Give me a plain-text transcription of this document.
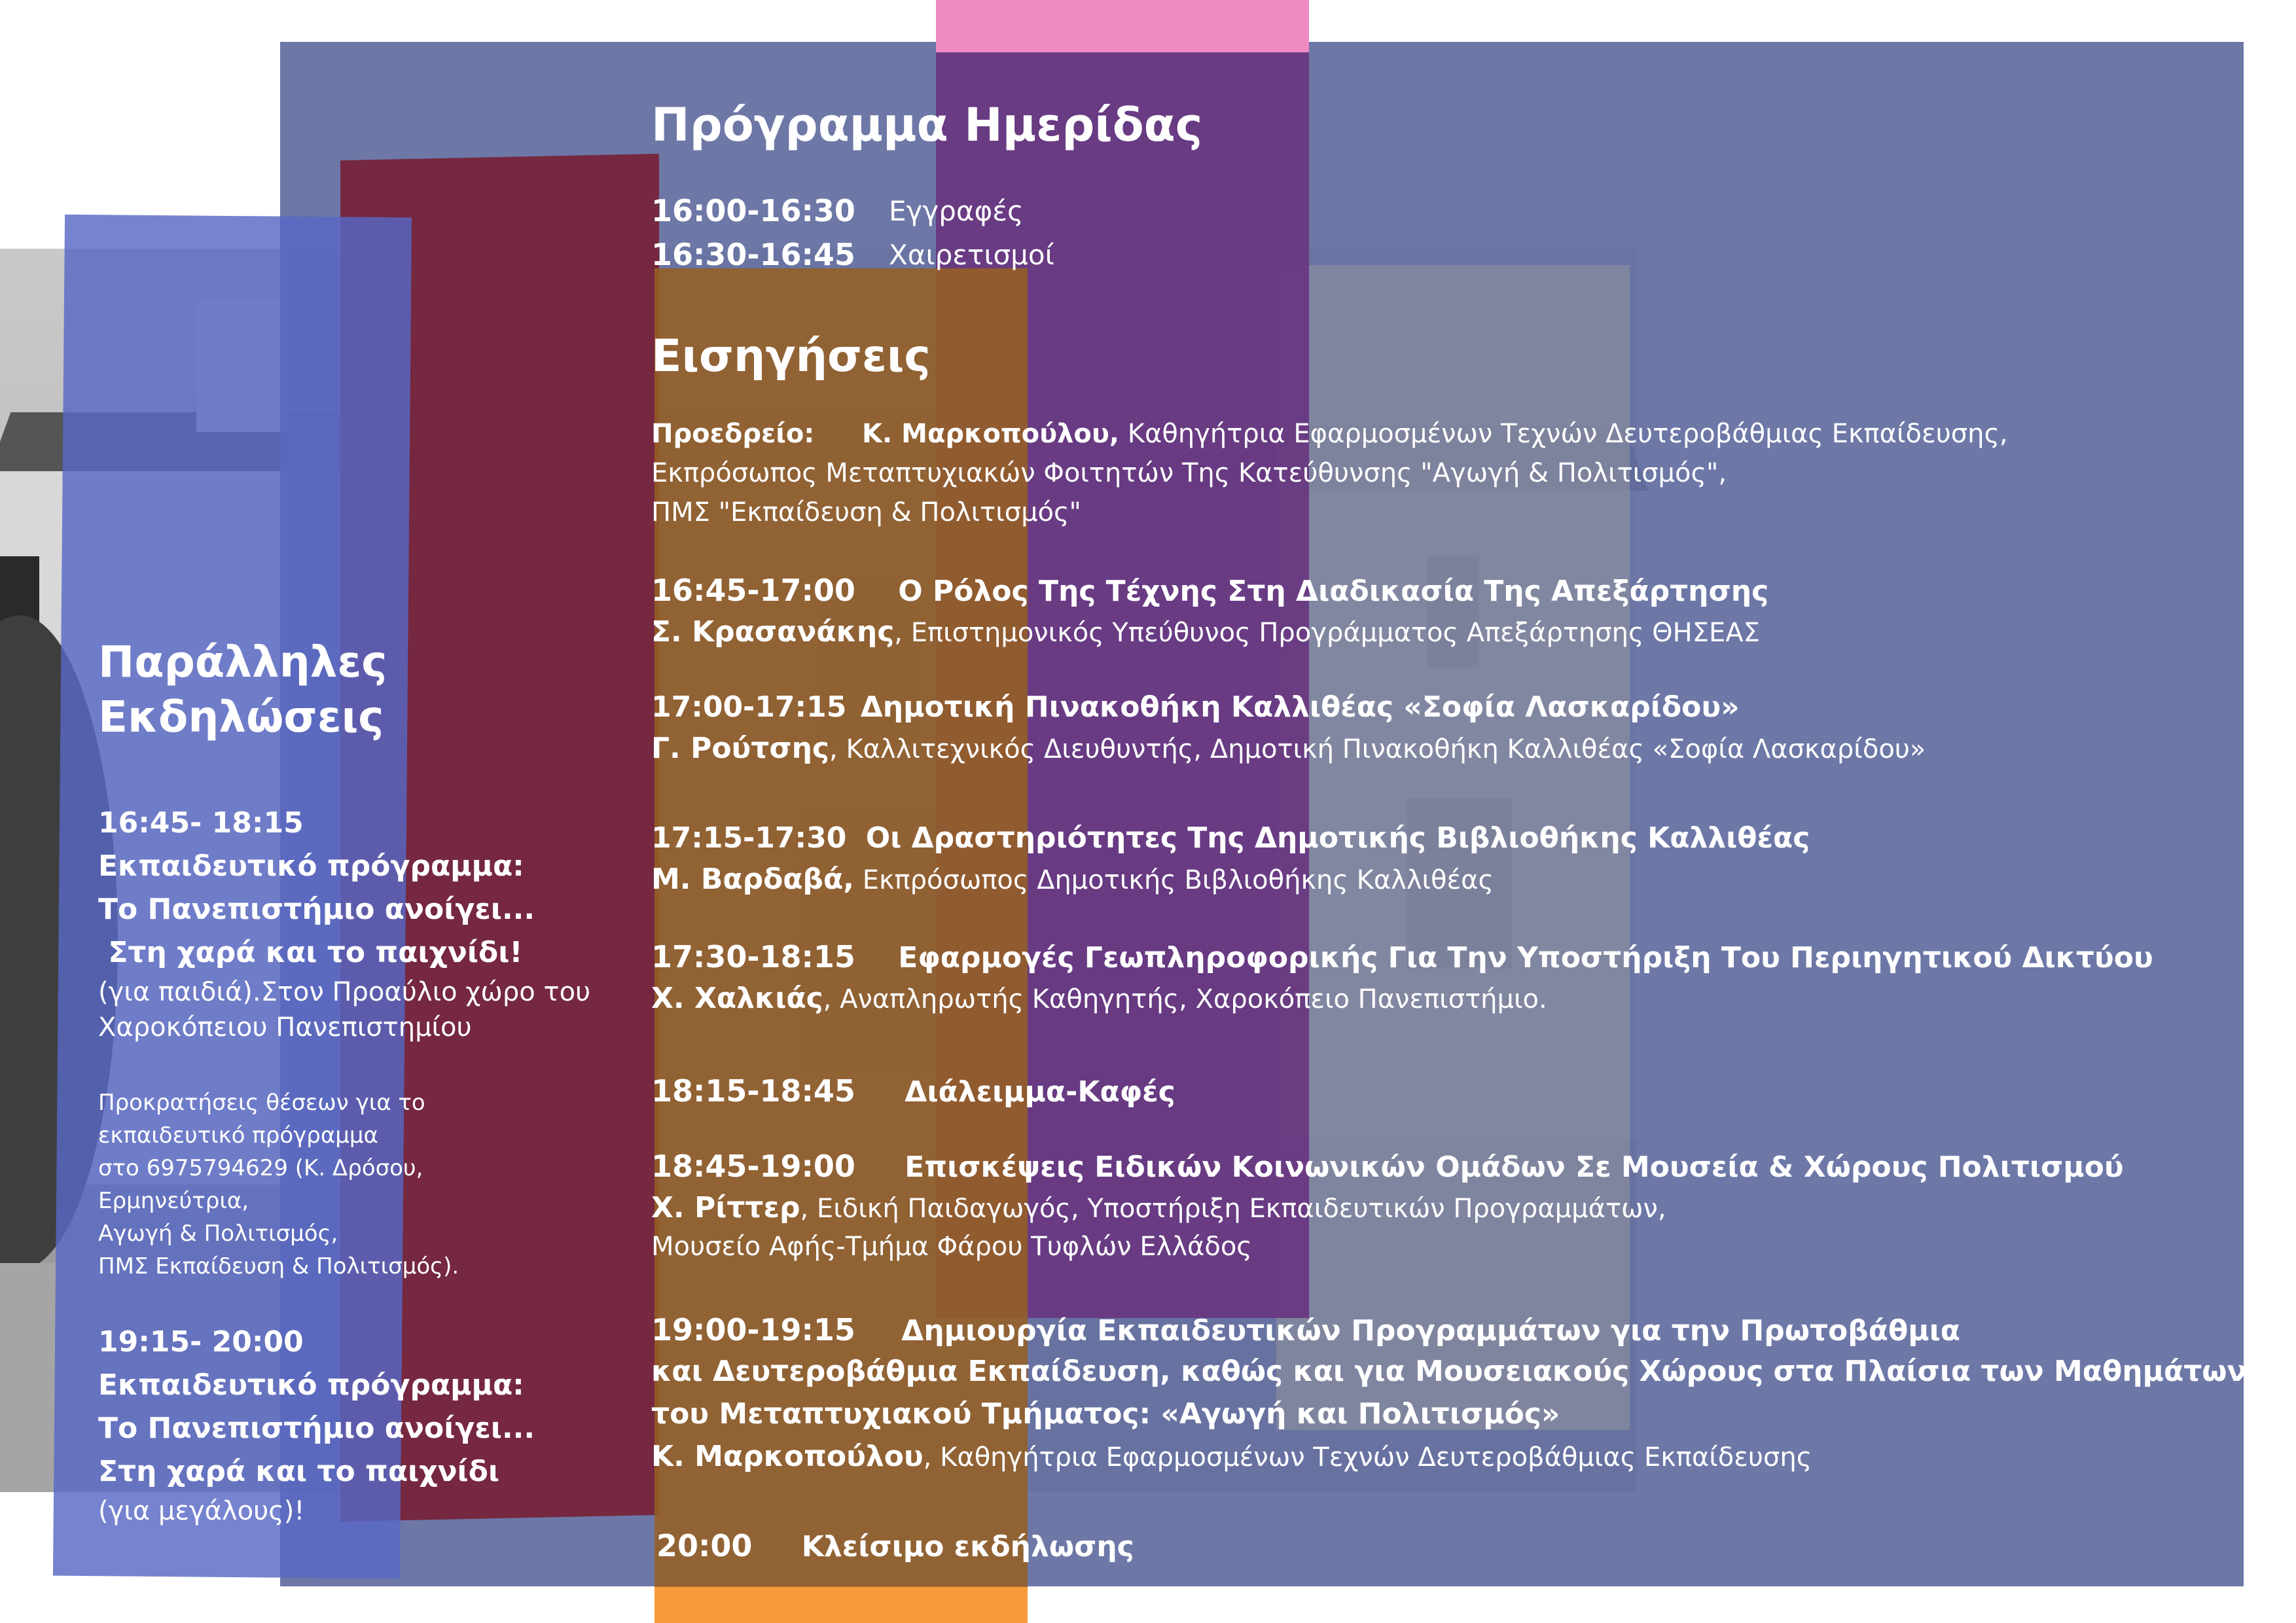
Πρόγραμμα Ημερίδας
16:00-16:30 Εγγραφές
16:30-16:45 Χαιρετισμοί
Εισηγήσεις
Προεδρείο: Κ. Μαρκοπούλου, Καθηγήτρια Εφαρμοσμένων Τεχνών Δευτεροβάθμιας Εκπαίδευσης,
Εκπρόσωπος Μεταπτυχιακών Φοιτητών Της Κατεύθυνσης "Αγωγή & Πολιτισμός",
ΠΜΣ "Εκπαίδευση & Πολιτισμός"
16:45-17:00 Ο Ρόλος Της Τέχνης Στη Διαδικασία Της Απεξάρτησης
Σ. Κρασανάκης, Επιστημονικός Υπεύθυνος Προγράμματος Απεξάρτησης ΘΗΣΕΑΣ
17:00-17:15 Δημοτική Πινακοθήκη Καλλιθέας «Σοφία Λασκαρίδου»
Γ. Ρούτσης, Καλλιτεχνικός Διευθυντής, Δημοτική Πινακοθήκη Καλλιθέας «Σοφία Λασκαρίδου»
17:15-17:30 Οι Δραστηριότητες Της Δημοτικής Βιβλιοθήκης Καλλιθέας
Μ. Βαρδαβά, Εκπρόσωπος Δημοτικής Βιβλιοθήκης Καλλιθέας
17:30-18:15 Εφαρμογές Γεωπληροφορικής Για Την Υποστήριξη Του Περιηγητικού Δικτύου
Χ. Χαλκιάς, Αναπληρωτής Καθηγητής, Χαροκόπειο Πανεπιστήμιο.
18:15-18:45 Διάλειμμα-Καφές
18:45-19:00 Επισκέψεις Ειδικών Κοινωνικών Ομάδων Σε Μουσεία & Χώρους Πολιτισμού
Χ. Ρίττερ, Ειδική Παιδαγωγός, Υποστήριξη Εκπαιδευτικών Προγραμμάτων,
Μουσείο Αφής-Τμήμα Φάρου Τυφλών Ελλάδος
19:00-19:15 Δημιουργία Εκπαιδευτικών Προγραμμάτων για την Πρωτοβάθμια
και Δευτεροβάθμια Εκπαίδευση, καθώς και για Μουσειακούς Χώρους στα Πλαίσια των Μαθημάτων
του Μεταπτυχιακού Τμήματος: «Αγωγή και Πολιτισμός»
Κ. Μαρκοπούλου, Καθηγήτρια Εφαρμοσμένων Τεχνών Δευτεροβάθμιας Εκπαίδευσης
20:00 Κλείσιμο εκδήλωσης
Παράλληλες
Εκδηλώσεις
16:45- 18:15
Εκπαιδευτικό πρόγραμμα:
Το Πανεπιστήμιο ανοίγει...
Στη χαρά και το παιχνίδι!
(για παιδιά).Στον Προαύλιο χώρο του
Χαροκόπειου Πανεπιστημίου
Προκρατήσεις θέσεων για το
εκπαιδευτικό πρόγραμμα
στο 6975794629 (Κ. Δρόσου,
Ερμηνεύτρια,
Αγωγή & Πολιτισμός,
ΠΜΣ Εκπαίδευση & Πολιτισμός).
19:15- 20:00
Εκπαιδευτικό πρόγραμμα:
Το Πανεπιστήμιο ανοίγει...
Στη χαρά και το παιχνίδι
(για μεγάλους)!
